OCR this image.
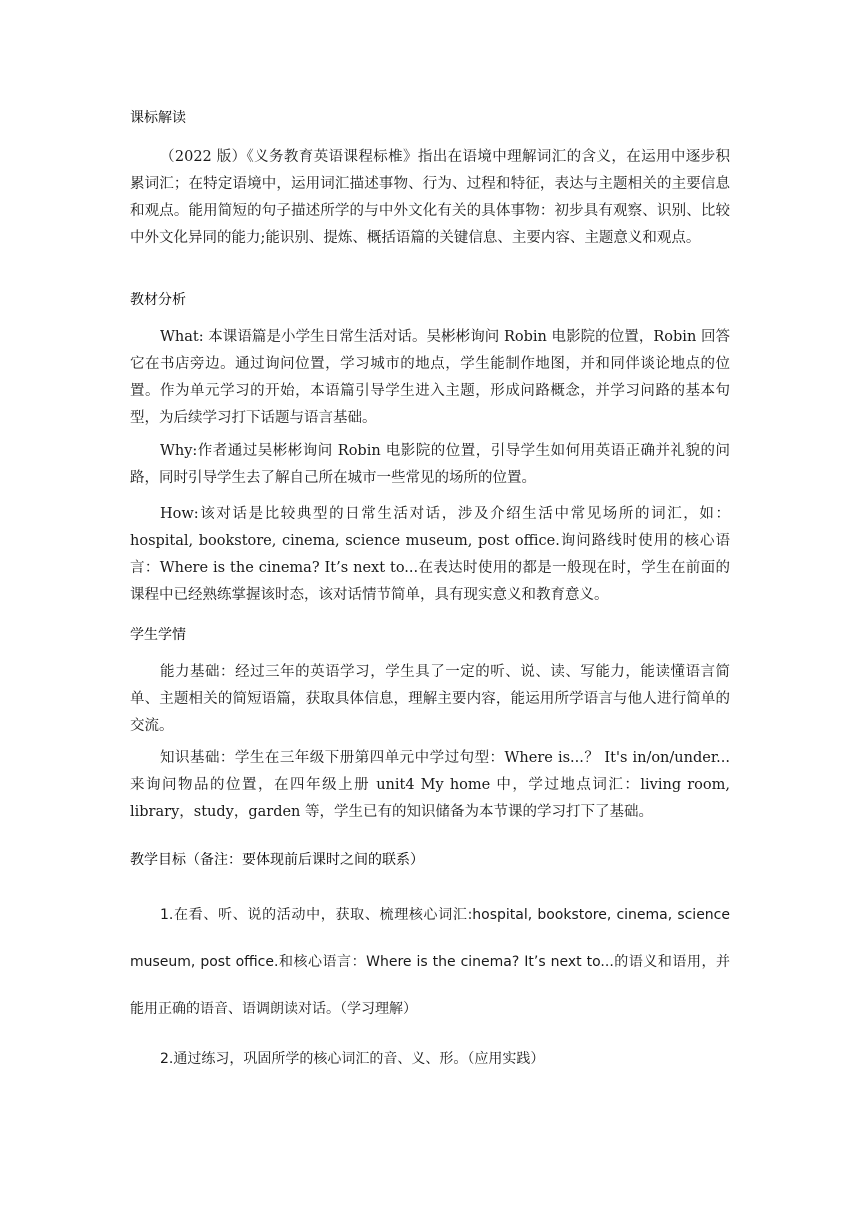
课标解读
（2022 版）《义务教育英语课程标椎》指出在语境中理解词汇的含义，在运用中逐步积累词汇；在特定语境中，运用词汇描述事物、行为、过程和特征，表达与主题相关的主要信息和观点。能用简短的句子描述所学的与中外文化有关的具体事物：初步具有观察、识别、比较中外文化异同的能力;能识别、提炼、概括语篇的关键信息、主要内容、主题意义和观点。
教材分析
What: 本课语篇是小学生日常生活对话。吴彬彬询问 Robin 电影院的位置，Robin 回答它在书店旁边。通过询问位置，学习城市的地点，学生能制作地图，并和同伴谈论地点的位置。作为单元学习的开始，本语篇引导学生进入主题，形成问路概念，并学习问路的基本句型，为后续学习打下话题与语言基础。
Why:作者通过吴彬彬询问 Robin 电影院的位置，引导学生如何用英语正确并礼貌的问路，同时引导学生去了解自己所在城市一些常见的场所的位置。
How:该对话是比较典型的日常生活对话，涉及介绍生活中常见场所的词汇，如：hospital, bookstore, cinema, science museum, post office.询问路线时使用的核心语言：Where is the cinema? It’s next to...在表达时使用的都是一般现在时，学生在前面的课程中已经熟练掌握该时态，该对话情节简单，具有现实意义和教育意义。
学生学情
能力基础：经过三年的英语学习，学生具了一定的听、说、读、写能力，能读懂语言简单、主题相关的简短语篇，获取具体信息，理解主要内容，能运用所学语言与他人进行简单的交流。
知识基础：学生在三年级下册第四单元中学过句型：Where is...？ It's in/on/under...来询问物品的位置，在四年级上册 unit4 My home 中，学过地点词汇：living room, library，study，garden 等，学生已有的知识储备为本节课的学习打下了基础。
教学目标（备注：要体现前后课时之间的联系）
1.在看、听、说的活动中，获取、梳理核心词汇:hospital, bookstore, cinema, science museum, post office.和核心语言：Where is the cinema? It’s next to...的语义和语用，并能用正确的语音、语调朗读对话。（学习理解）
2.通过练习，巩固所学的核心词汇的音、义、形。（应用实践）
